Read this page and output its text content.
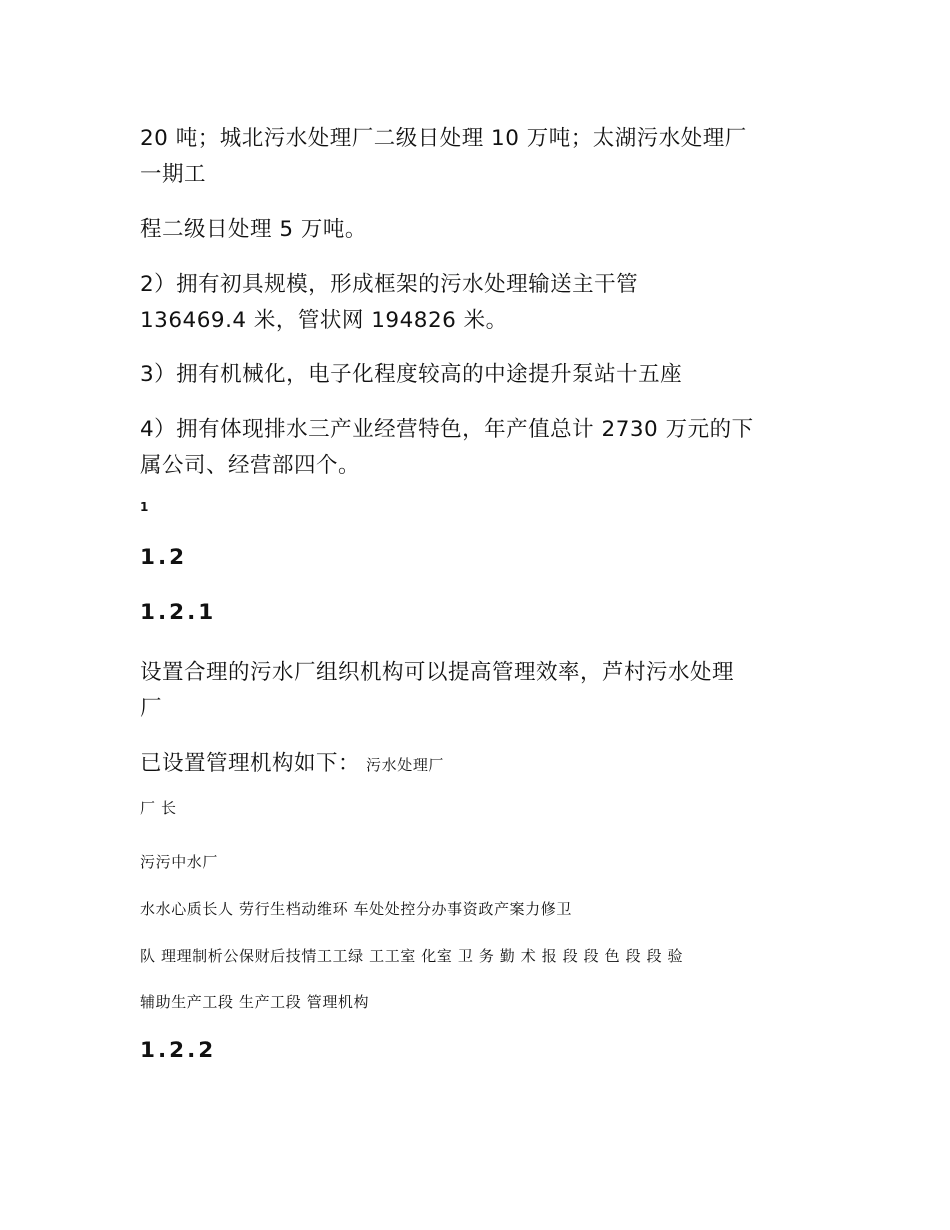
20 吨；城北污水处理厂二级日处理 10 万吨；太湖污水处理厂

一期工

程二级日处理 5 万吨。

2）拥有初具规模，形成框架的污水处理输送主干管

136469.4 米，管状网 194826 米。

3）拥有机械化，电子化程度较高的中途提升泵站十五座

4）拥有体现排水三产业经营特色，年产值总计 2730 万元的下

属公司、经营部四个。

1

1.2

1.2.1

设置合理的污水厂组织机构可以提高管理效率，芦村污水处理

厂

已设置管理机构如下： 污水处理厂

厂 长

污污中水厂

水水心质长人 劳行生档动维环 车处处控分办事资政产案力修卫

队 理理制析公保财后技情工工绿 工工室 化室 卫 务 勤 术 报 段 段 色 段 段 验

辅助生产工段 生产工段 管理机构

1.2.2
